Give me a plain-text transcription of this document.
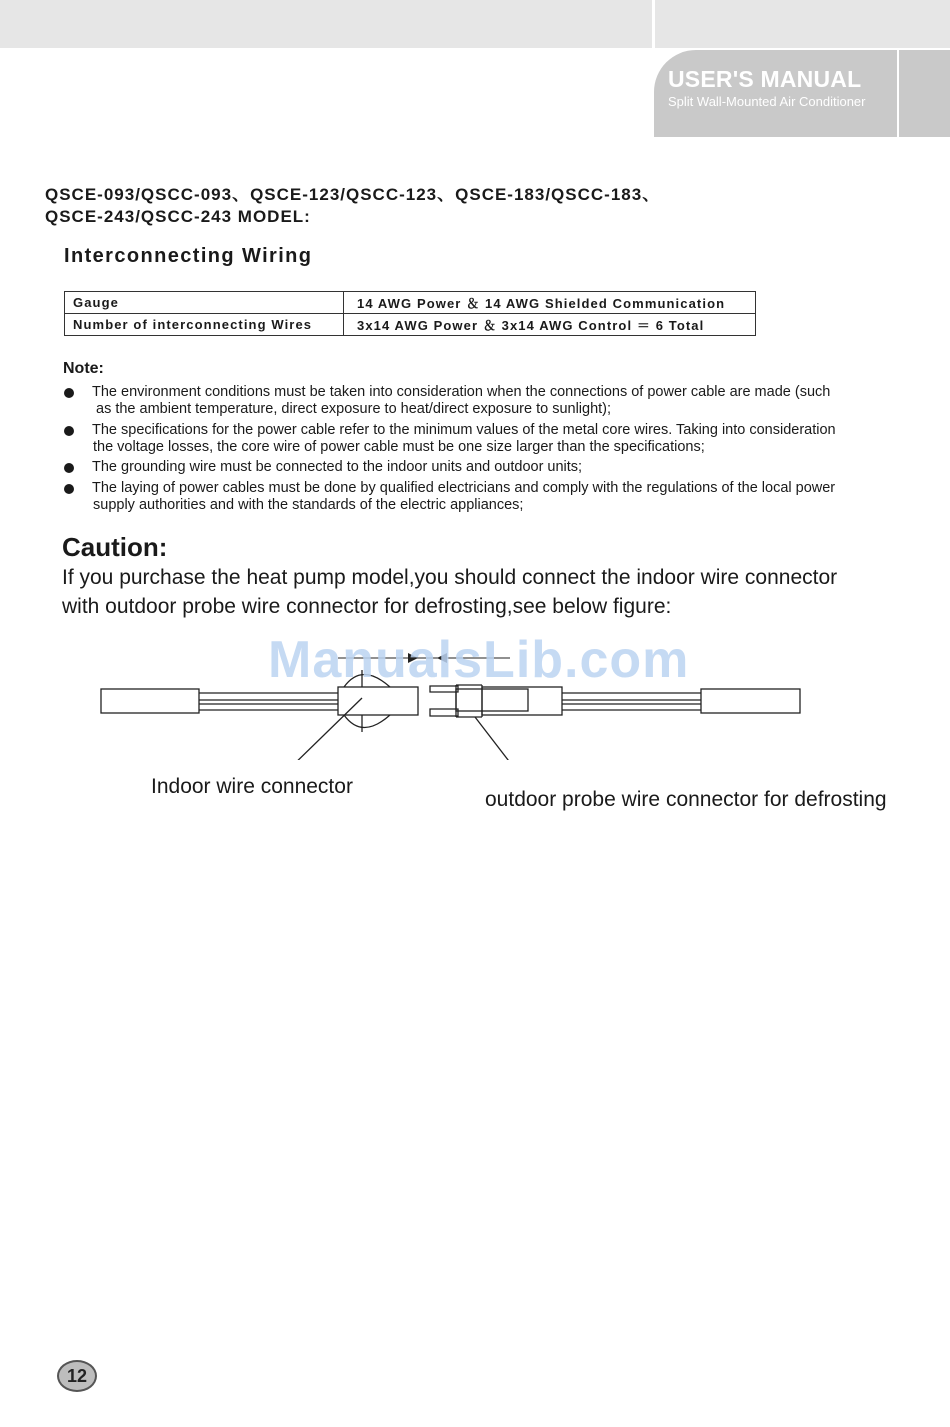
USER'S MANUAL
Split Wall-Mounted Air Conditioner
QSCE-093/QSCC-093、QSCE-123/QSCC-123、QSCE-183/QSCC-183、
QSCE-243/QSCC-243 MODEL:
Interconnecting Wiring
Gauge	14 AWG Power ＆ 14 AWG Shielded Communication
Number of interconnecting Wires	3x14 AWG Power ＆ 3x14 AWG Control ＝ 6 Total
Note:
The environment conditions must be taken into consideration when the connections of power cable are made (such
as the ambient temperature, direct exposure to heat/direct exposure to sunlight);
The specifications for the power cable refer to the minimum values of the metal core wires. Taking into consideration
the voltage losses, the core wire of power cable must be one size larger than the specifications;
The grounding wire must be connected to the indoor units and outdoor units;
The laying of power cables must be done by qualified electricians and comply with the regulations of the local power
supply authorities and with the standards of the electric appliances;
Caution:
If you purchase the heat pump model,you should connect the indoor wire connector
with outdoor probe wire connector for defrosting,see below figure:
ManualsLib.com
Indoor wire connector
outdoor probe wire connector for defrosting
12
